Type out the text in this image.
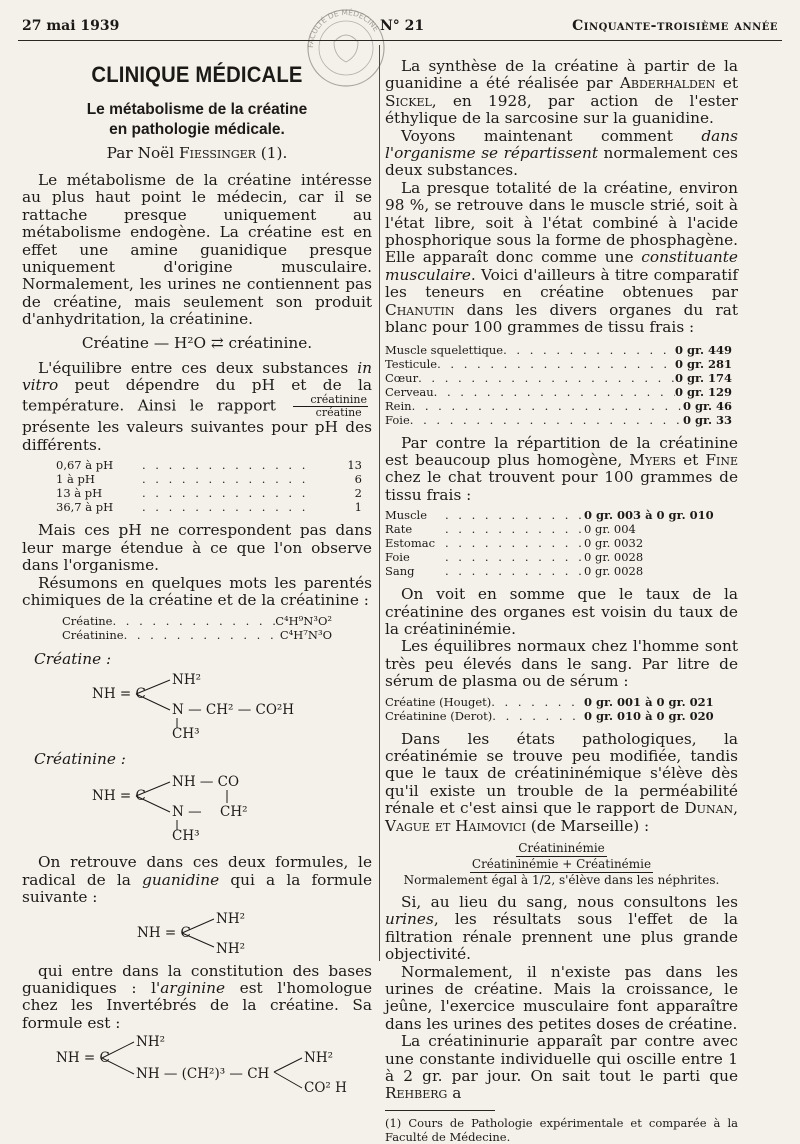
27 mai 1939	N° 21	Cinquante-troisième année
FACULTÉ DE MÉDECINE
CLINIQUE MÉDICALE
Le métabolisme de la créatine
en pathologie médicale.
Par Noël Fiessinger (1).

Le métabolisme de la créatine intéresse au plus haut point le médecin, car il se rattache presque uniquement au métabolisme endogène. La créatine est en effet une amine guanidique presque uniquement d'origine musculaire. Normalement, les urines ne contiennent pas de créatine, mais seulement son produit d'anhydritation, la créatinine.

Créatine — H²O ⇄ créatinine.

L'équilibre entre ces deux substances in vitro peut dépendre du pH et de la température. Ainsi le rapport $\frac{\text{créatinine}}{\text{créatine}}$
présente les valeurs suivantes pour pH des différents.

0,67 à pH . . .	13
1 à pH . . .	6
13 à pH . . .	2
36,7 à pH . . .	1

Mais ces pH ne correspondent pas dans leur marge étendue à ce que l'on observe dans l'organisme.

Résumons en quelques mots les parentés chimiques de la créatine et de la créatinine :

Créatine . . .	C⁴H⁹N³O²
Créatinine . . .	C⁴H⁷N³O
Créatine :
NH = C
NH²
N — CH² — CO²H
CH³
Créatinine :
NH = C
NH — CO
N — CH²
CH³

On retrouve dans ces deux formules, le radical de la guanidine qui a la formule suivante :

NH = C
NH²
NH²

qui entre dans la constitution des bases guanidiques : l'arginine est l'homologue chez les Invertébrés de la créatine. Sa formule est :

NH = C
NH²
NH — (CH²)³ — CH
NH²
CO² H

La synthèse de la créatine à partir de la guanidine a été réalisée par Abderhalden et Sickel, en 1928, par action de l'ester éthylique de la sarcosine sur la guanidine.

Voyons maintenant comment dans l'organisme se répartissent normalement ces deux substances.

La presque totalité de la créatine, environ 98 %, se retrouve dans le muscle strié, soit à l'état libre, soit à l'état combiné à l'acide phosphorique sous la forme de phosphagène. Elle apparaît donc comme une constituante musculaire. Voici d'ailleurs à titre comparatif les teneurs en créatine obtenues par Chanutin dans les divers organes du rat blanc pour 100 grammes de tissu frais :

Muscle squelettique . . .	0 gr. 449
Testicule . . .	0 gr. 281
Cœur . . .	0 gr. 174
Cerveau . . .	0 gr. 129
Rein . . .	0 gr. 46
Foie . . .	0 gr. 33

Par contre la répartition de la créatinine est beaucoup plus homogène, Myers et Fine chez le chat trouvent pour 100 grammes de tissu frais :

Muscle . . .	0 gr. 003 à 0 gr. 010
Rate . . .	0 gr. 004
Estomac . . .	0 gr. 0032
Foie . . .	0 gr. 0028
Sang . . .	0 gr. 0028

On voit en somme que le taux de la créatinine des organes est voisin du taux de la créatininémie.

Les équilibres normaux chez l'homme sont très peu élevés dans le sang. Par litre de sérum de plasma ou de sérum :

Créatine (Houget) . . .	0 gr. 001 à 0 gr. 021
Créatinine (Derot) . . .	0 gr. 010 à 0 gr. 020

Dans les états pathologiques, la créatinémie se trouve peu modifiée, tandis que le taux de créatininémique s'élève dès qu'il existe un trouble de la perméabilité rénale et c'est ainsi que le rapport de Dunan, Vague et Haimovici (de Marseille) :

Créatininémie
Créatininémie + Créatinémie
Normalement égal à 1/2, s'élève dans les néphrites.

Si, au lieu du sang, nous consultons les urines, les résultats sous l'effet de la filtration rénale prennent une plus grande objectivité.

Normalement, il n'existe pas dans les urines de créatine. Mais la croissance, le jeûne, l'exercice musculaire font apparaître dans les urines des petites doses de créatine.

La créatininurie apparaît par contre avec une constante individuelle qui oscille entre 1 à 2 gr. par jour. On sait tout le parti que Rehberg a

(1) Cours de Pathologie expérimentale et comparée à la Faculté de Médecine.
